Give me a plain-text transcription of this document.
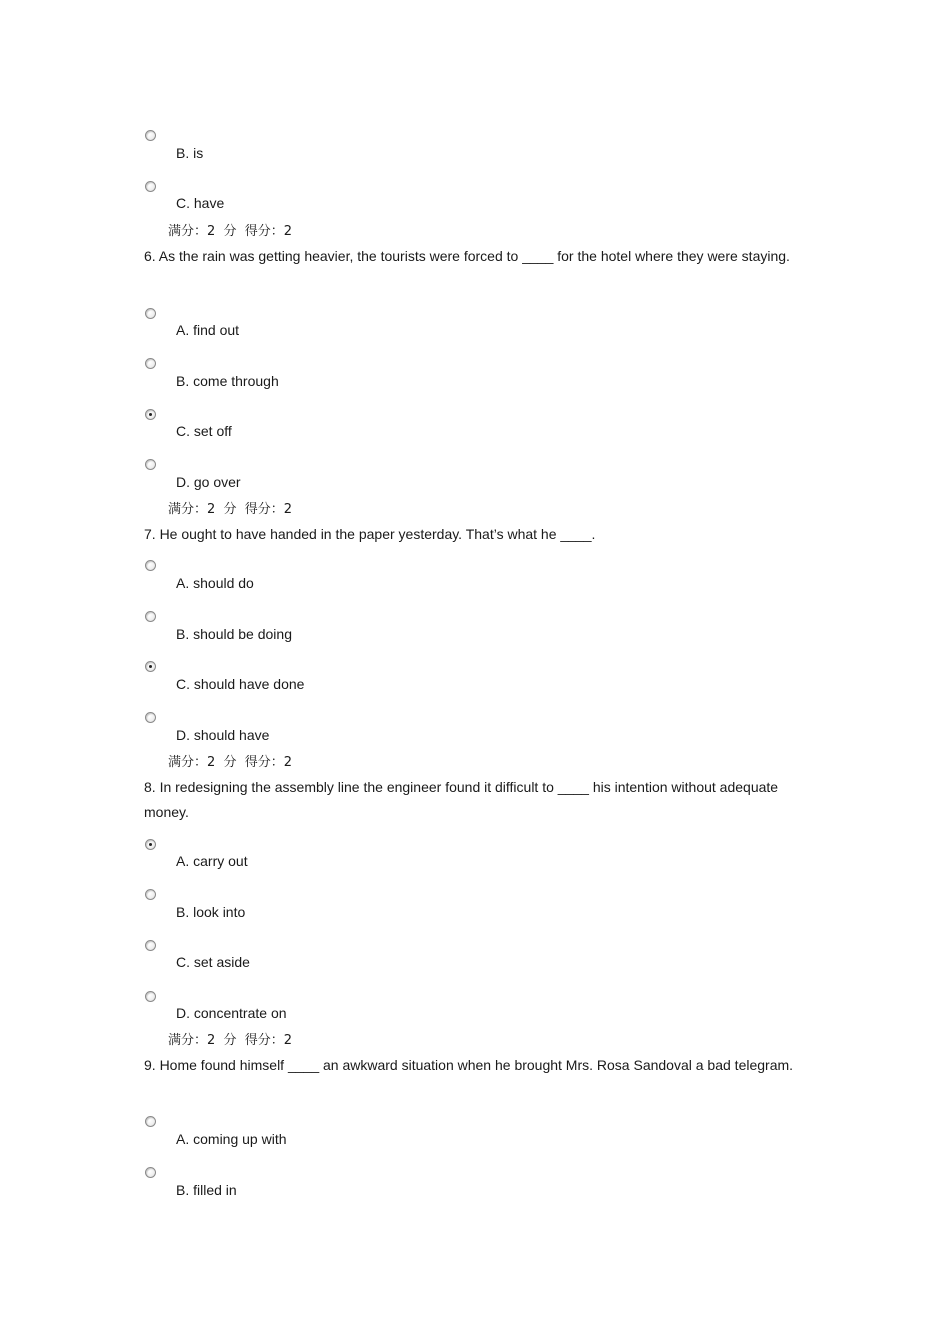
B. is
C. have
满分：2  分  得分：2
6. As the rain was getting heavier, the tourists were forced to ____ for the hotel where they were staying.
A. find out
B. come through
C. set off
D. go over
满分：2  分  得分：2
7. He ought to have handed in the paper yesterday. That’s what he ____.
A. should do
B. should be doing
C. should have done
D. should have
满分：2  分  得分：2
8. In redesigning the assembly line the engineer found it difficult to ____ his intention without adequate money.
A. carry out
B. look into
C. set aside
D. concentrate on
满分：2  分  得分：2
9. Home found himself ____ an awkward situation when he brought Mrs. Rosa Sandoval a bad telegram.
A. coming up with
B. filled in
